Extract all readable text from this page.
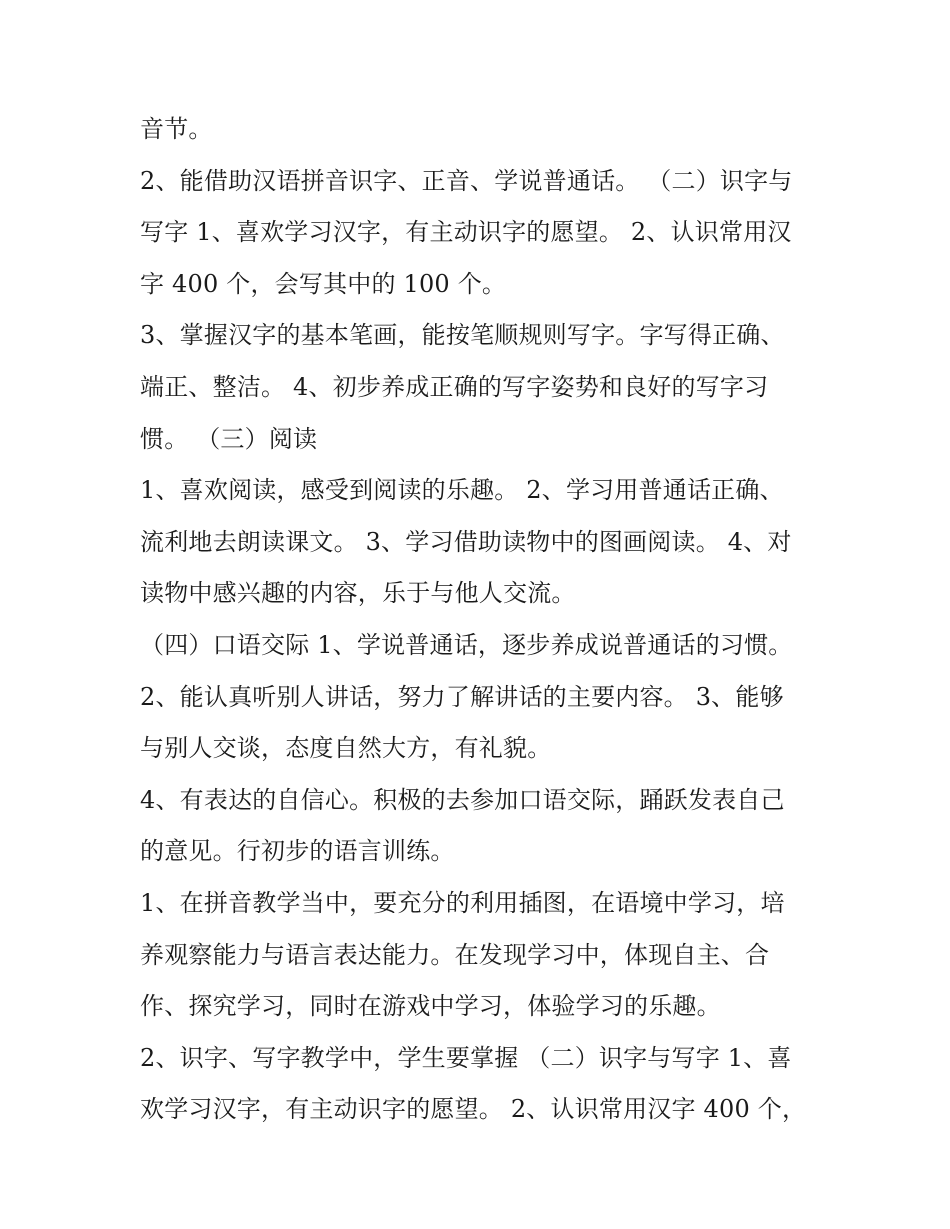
音节。
2、能借助汉语拼音识字、正音、学说普通话。 （二）识字与
写字 1、喜欢学习汉字，有主动识字的愿望。 2、认识常用汉
字 400 个，会写其中的 100 个。
3、掌握汉字的基本笔画，能按笔顺规则写字。字写得正确、
端正、整洁。 4、初步养成正确的写字姿势和良好的写字习
惯。 （三）阅读
1、喜欢阅读，感受到阅读的乐趣。 2、学习用普通话正确、
流利地去朗读课文。 3、学习借助读物中的图画阅读。 4、对
读物中感兴趣的内容，乐于与他人交流。
（四）口语交际 1、学说普通话，逐步养成说普通话的习惯。
2、能认真听别人讲话，努力了解讲话的主要内容。 3、能够
与别人交谈，态度自然大方，有礼貌。
4、有表达的自信心。积极的去参加口语交际，踊跃发表自己
的意见。行初步的语言训练。
1、在拼音教学当中，要充分的利用插图，在语境中学习，培
养观察能力与语言表达能力。在发现学习中，体现自主、合
作、探究学习，同时在游戏中学习，体验学习的乐趣。
2、识字、写字教学中，学生要掌握 （二）识字与写字 1、喜
欢学习汉字，有主动识字的愿望。 2、认识常用汉字 400 个，
